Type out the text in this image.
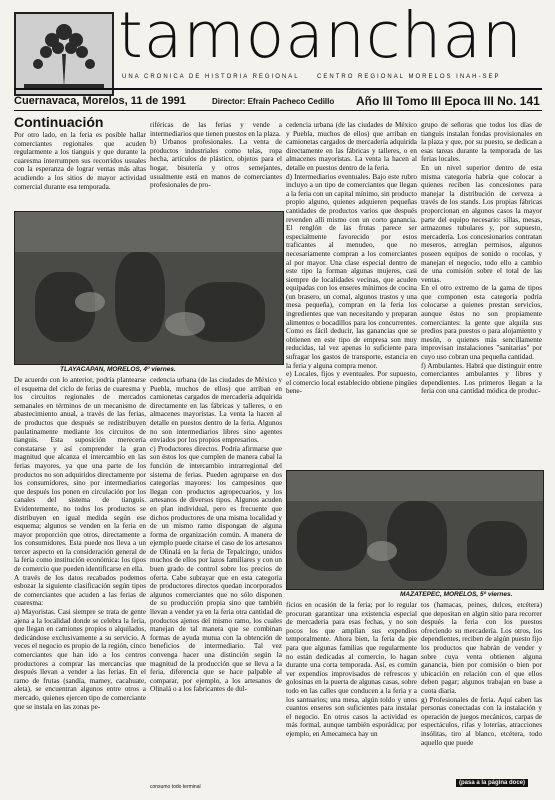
tamoanchan
UNA CRONICA DE HISTORIA REGIONAL	CENTRO REGIONAL MORELOS INAH-SEP
Cuernavaca, Morelos, 11 de 1991	Director: Efraín Pacheco Cedillo Año III Tomo III Epoca III No. 141
Continuación
Por otro lado, en la feria es posible hallar comerciantes regionales que acuden regularmente a los tianguis y que durante la cuaresma interrumpen sus recorridos usuales con la esperanza de lograr ventas más altas acudiendo a los sitios de mayor actividad comercial durante esa temporada.
riféricas de las ferias y vende a intermediarios que tienen puestos en la plaza.
b) Urbanos profesionales. La venta de productos industriales como telas, ropa hecha, artículos de plástico, objetos para el hogar, bisutería y otros semejantes, usualmente está en manos de comerciantes profesionales de pro-
cedencia urbana (de las ciudades de México y Puebla, muchos de ellos) que arriban en camionetas cargados de mercadería adquirida directamente en las fábricas y talleres, o en almacenes mayoristas. La venta la hacen al detalle en puestos dentro de la feria.
d) Intermediarios eventuales. Bajo este rubro incluyo a un tipo de comerciantes que llegan a la feria con un capital mínimo, sin producto propio alguno, quienes adquieren pequeñas cantidades de productos varios que después revenden allí mismo con un corto ganancia. El renglón de las frutas parece ser especialmente favorecido por estos traficantes al menudeo, que no necesariamente compran a los comerciantes al por mayor. Una clase especial dentro de este tipo la forman algunas mujeres, casi siempre de localidades vecinas, que acuden equipadas con los enseres mínimos de cocina (un brasero, un comal, algunos trastos y una mesa pequeña), compran en la feria los ingredientes que van necesitando y preparan alimentos o bocadillos para los concurrentes. Como es fácil deducir, las ganancias que se obtienen en este tipo de empresa son muy reducidas, tal vez apenas lo suficiente para sufragar los gastos de transporte, estancia en la feria y alguna compra menor.
e) Locales, fijos y eventuales. Por supuesto, el comercio local establecido obtiene pingües bene-
grupo de señoras que todos los días de tianguis instalan fondas provisionales en la plaza y que, por su puesto, se dedican a esas tareas durante la temporada de las ferias locales.
En un nivel superior dentro de esta misma categoría habría que colocar a quienes reciben las concesiones para manejar la distribución de cerveza a través de los stands. Los propias fábricas proporcionan en algunos casos la mayor parte del equipo necesario: sillas, mesas, armazones tubulares y, por supuesto, mercadería. Los concesionarios contratan meseros, arreglan permisos, algunos poseen equipos de sonido o rocolas, y manejan el negocio, todo ello a cambio de una comisión sobre el total de las ventas.
En el otro extremo de la gama de tipos que componen esta categoría podría colocarse a quienes prestan servicios, aunque éstos no son propiamente comerciantes: la gente que alquila sus predios para puestos o para alojamiento y mesón, o quienes más sencillamente improvisan instalaciones "sanitarias" por cuyo uso cobran una pequeña cantidad.
f) Ambulantes. Habrá que distinguir entre comerciantes ambulantes y libres y dependientes. Los primeros llegan a la feria con una cantidad módica de produc-
TLAYACAPAN, MORELOS, 4º viernes.
De acuerdo con lo anterior, podría plantearse el esquema del ciclo de ferias de cuaresma y los circuitos regionales de mercados semanales en términos de un mecanismo de abastecimiento anual, a través de las ferias, de productos que después se redistribuyen paulatinamente mediante los circuitos de tianguis. Esta suposición merecería constatarse y así comprender la gran magnitud que alcanza el intercambio en las ferias mayores, ya que una parte de los productos no son adquiridos directamente por los consumidores, sino por intermediarios que después los ponen en circulación por los canales del sistema de tianguis. Evidentemente, no todos los productos se distribuyen en igual medida según ese esquema; algunos se venden en la feria en mayor proporción que otros, directamente a los consumidores. Esta puede nos lleva a un tercer aspecto en la consideración general de la feria como institución económica: los tipos de comercio que pueden identificarse en ella.
A través de los datos recabados podemos esbozar la siguiente clasificación según tipos de comerciantes que acuden a las ferias de cuaresma:
a) Mayoristas. Casi siempre se trata de gente ajena a la localidad donde se celebra la feria, que llegan en camiones propios o alquilados, dedicándose exclusivamente a su servicio. A veces el negocio es propio de la región, cinco comerciantes que han ido a los centros productores a comprar las mercancías que después llevan a vender a las ferias. En el ramo de frutas (sandía, mamey, cacahuate, aleta), se encuentran algunos entre otros a mercado, quienes ejercen tipo de comerciante que se instala en las zonas pe-
cedencia urbana (de las ciudades de México y Puebla, muchos de ellos) que arriban en camionetas cargados de mercadería adquirida directamente en las fábricas y talleres, o en almacenes mayoristas. La venta la hacen al detalle en puestos dentro de la feria. Algunos no son intermediarios libres sino agentes enviados por los propios empresarios.
c) Productores directos. Podría afirmarse que son éstos los que cumplen de manera cabal la función de intercambio intrarregional del sistema de ferias. Pueden agruparse en dos categorías mayores: los campesinos que llegan con productos agropecuarios, y los artesanos de diversos tipos. Algunos acuden en plan individual, pero es frecuente que dichos productores de una misma localidad y de un mismo ramo dispongan de alguna forma de organización común. A manera de ejemplo puede citarse el caso de los artesanos de Olinalá en la feria de Tepalcingo, unidos muchos de ellos por lazos familiares y con un buen grado de control sobre los precios de oferta. Cabe subrayar que en esta categoría de productores directos quedan incorporados algunos comerciantes que no sólo disponen de su producción propia sino que también llevan a vender ya en la feria otra cantidad de productos ajenos del mismo ramo, los cuales manejan de tal manera que se combinan formas de ayuda mutua con la obtención de beneficios de intermediario. Tal vez convenga hacer una distinción según la magnitud de la producción que se lleva a la feria, diferencia que se hace palpable al comparar, por ejemplo, a los artesanos de Olinalá o a los fabricantes de dul-
MAZATEPEC, MORELOS, 5º viernes.
ficios en ocasión de la feria; por lo regular procuran garantizar una existencia especial de mercadería para esas fechas, y no son pocos los que amplían sus expendios temporalmente. Ahora bien, la feria da pie para que algunas familias que regularmente no están dedicadas al comercio, lo hagan durante una corta temporada. Así, es común ver expendios improvisados de refrescos y golosinas en la puerta de algunas casas, sobre todo en las calles que conducen a la feria y a los santuarios; una mesa, algún toldo y unos cuantos enseres son suficientes para instalar el negocio. En otros casos la actividad es más formal, aunque también esporádica; por ejemplo, en Amecameca hay un
tos (hamacas, peines, dulces, etcétera) que depositan en algún sitio para recorrer después la feria con los puestos ofreciendo su mercadería. Los otros, los dependientes, reciben de algún puesto fijo los productos que habrán de vender y sobre cuya venta obtienen alguna ganancia, bien por comisión o bien por ubicación en relación con el que ellos deben pagar; algunos trabajan en base a cuota diaria.
g) Profesionales de feria. Aquí caben las personas conectadas con la instalación y operación de juegos mecánicos, carpas de espectáculos, rifas y loterías, atracciones insólitas, tiro al blanco, etcétera, todo aquello que puede
consumo todo terminal
(pasa a la página doce)
